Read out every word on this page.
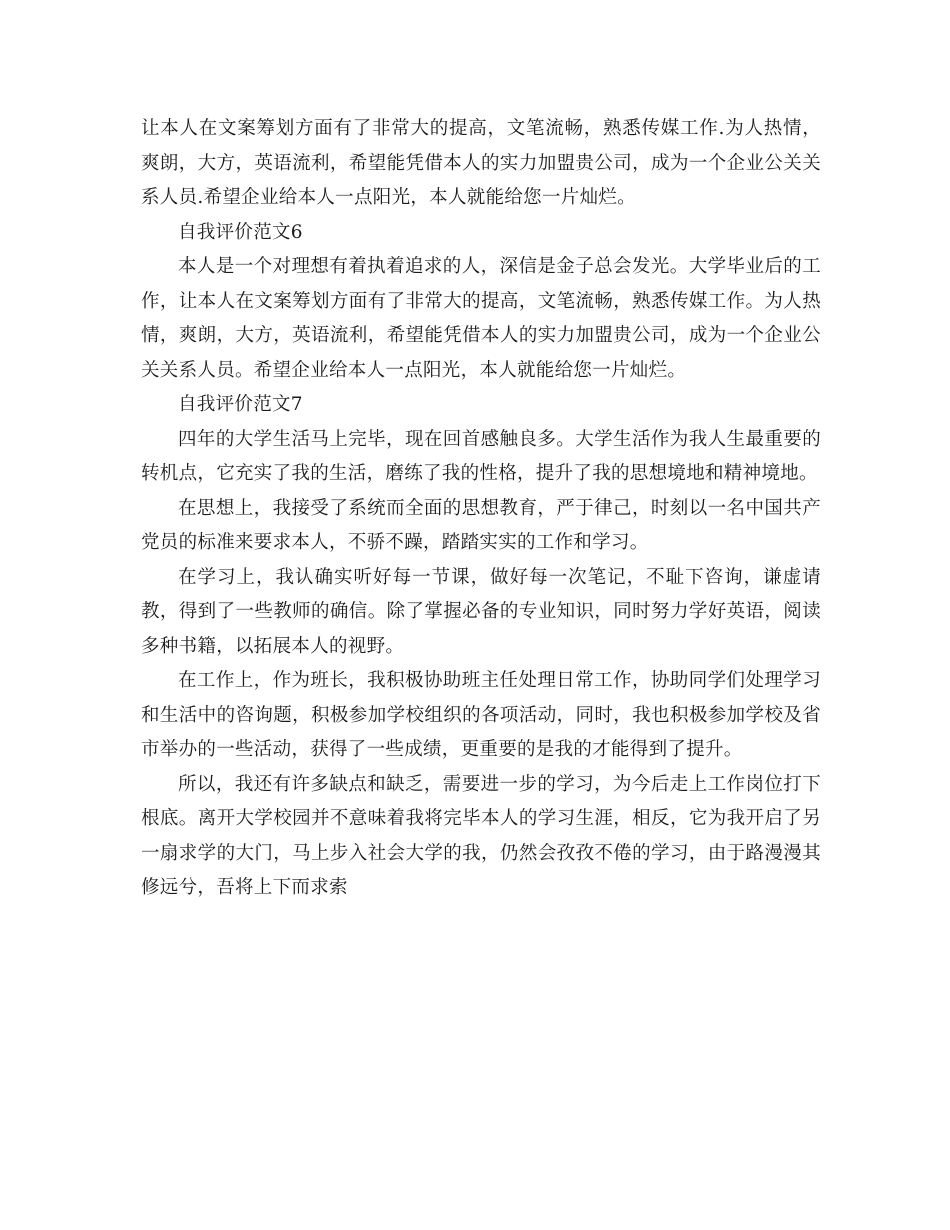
让本人在文案筹划方面有了非常大的提高，文笔流畅，熟悉传媒工作.为人热情，爽朗，大方，英语流利，希望能凭借本人的实力加盟贵公司，成为一个企业公关关系人员.希望企业给本人一点阳光，本人就能给您一片灿烂。

自我评价范文6

本人是一个对理想有着执着追求的人，深信是金子总会发光。大学毕业后的工作，让本人在文案筹划方面有了非常大的提高，文笔流畅，熟悉传媒工作。为人热情，爽朗，大方，英语流利，希望能凭借本人的实力加盟贵公司，成为一个企业公关关系人员。希望企业给本人一点阳光，本人就能给您一片灿烂。

自我评价范文7

四年的大学生活马上完毕，现在回首感触良多。大学生活作为我人生最重要的转机点，它充实了我的生活，磨练了我的性格，提升了我的思想境地和精神境地。

在思想上，我接受了系统而全面的思想教育，严于律己，时刻以一名中国共产党员的标准来要求本人，不骄不躁，踏踏实实的工作和学习。

在学习上，我认确实听好每一节课，做好每一次笔记，不耻下咨询，谦虚请教，得到了一些教师的确信。除了掌握必备的专业知识，同时努力学好英语，阅读多种书籍，以拓展本人的视野。

在工作上，作为班长，我积极协助班主任处理日常工作，协助同学们处理学习和生活中的咨询题，积极参加学校组织的各项活动，同时，我也积极参加学校及省市举办的一些活动，获得了一些成绩，更重要的是我的才能得到了提升。

所以，我还有许多缺点和缺乏，需要进一步的学习，为今后走上工作岗位打下根底。离开大学校园并不意味着我将完毕本人的学习生涯，相反，它为我开启了另一扇求学的大门，马上步入社会大学的我，仍然会孜孜不倦的学习，由于路漫漫其修远兮，吾将上下而求索
